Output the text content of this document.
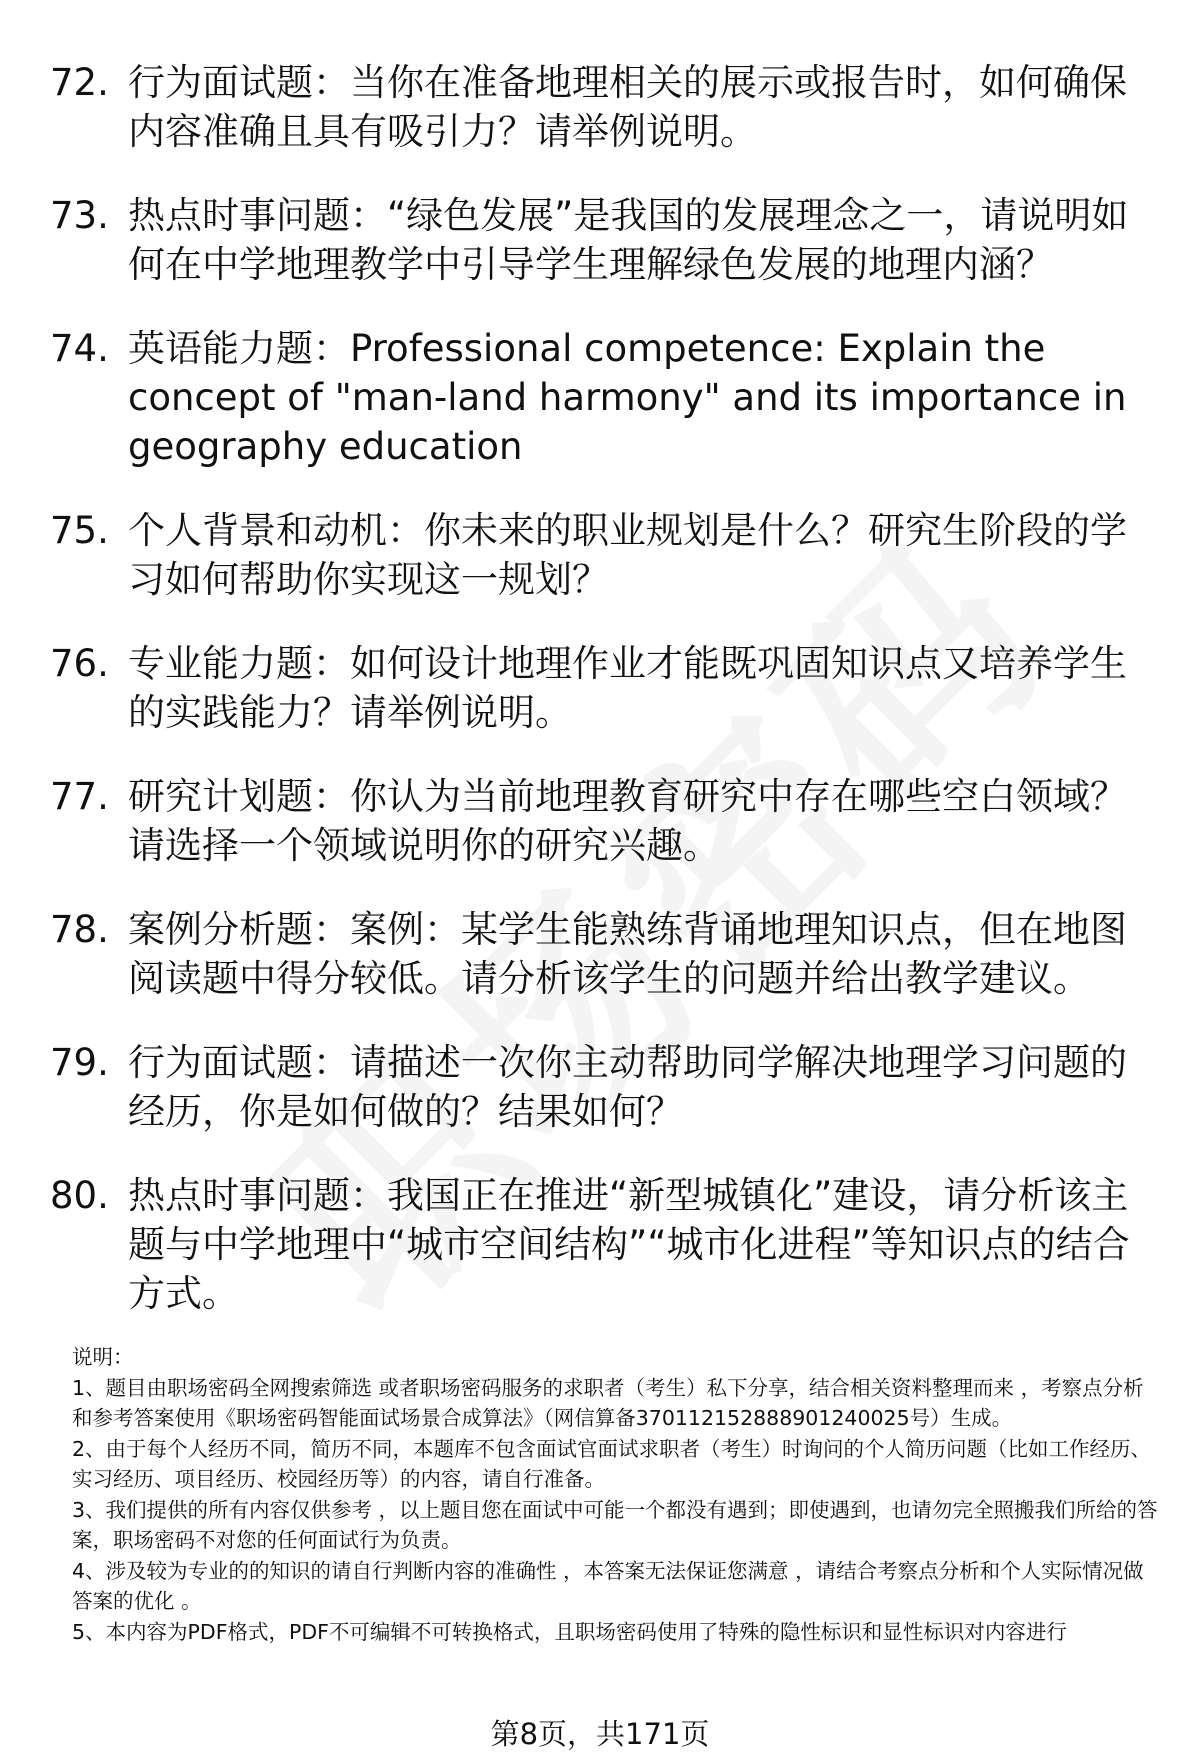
72. 行为面试题：当你在准备地理相关的展示或报告时，如何确保内容准确且具有吸引力？请举例说明。
73. 热点时事问题：“绿色发展”是我国的发展理念之一，请说明如何在中学地理教学中引导学生理解绿色发展的地理内涵？
74. 英语能力题：Professional competence: Explain the concept of "man-land harmony" and its importance in geography education
75. 个人背景和动机：你未来的职业规划是什么？研究生阶段的学习如何帮助你实现这一规划？
76. 专业能力题：如何设计地理作业才能既巩固知识点又培养学生的实践能力？请举例说明。
77. 研究计划题：你认为当前地理教育研究中存在哪些空白领域？请选择一个领域说明你的研究兴趣。
78. 案例分析题：案例：某学生能熟练背诵地理知识点，但在地图阅读题中得分较低。请分析该学生的问题并给出教学建议。
79. 行为面试题：请描述一次你主动帮助同学解决地理学习问题的经历，你是如何做的？结果如何？
80. 热点时事问题：我国正在推进“新型城镇化”建设，请分析该主题与中学地理中“城市空间结构”“城市化进程”等知识点的结合方式。

说明：

1、题目由职场密码全网搜索筛选 或者职场密码服务的求职者（考生）私下分享，结合相关资料整理而来 ，考察点分析和参考答案使用《职场密码智能面试场景合成算法》（网信算备370112152888901240025号）生成。

2、由于每个人经历不同，简历不同，本题库不包含面试官面试求职者（考生）时询问的个人简历问题（比如工作经历、实习经历、项目经历、校园经历等）的内容，请自行准备。

3、我们提供的所有内容仅供参考 ，以上题目您在面试中可能一个都没有遇到；即使遇到，也请勿完全照搬我们所给的答案，职场密码不对您的任何面试行为负责。

4、涉及较为专业的的知识的请自行判断内容的准确性 ，本答案无法保证您满意 ，请结合考察点分析和个人实际情况做答案的优化 。

5、本内容为PDF格式，PDF不可编辑不可转换格式，且职场密码使用了特殊的隐性标识和显性标识对内容进行

第8页，共171页
